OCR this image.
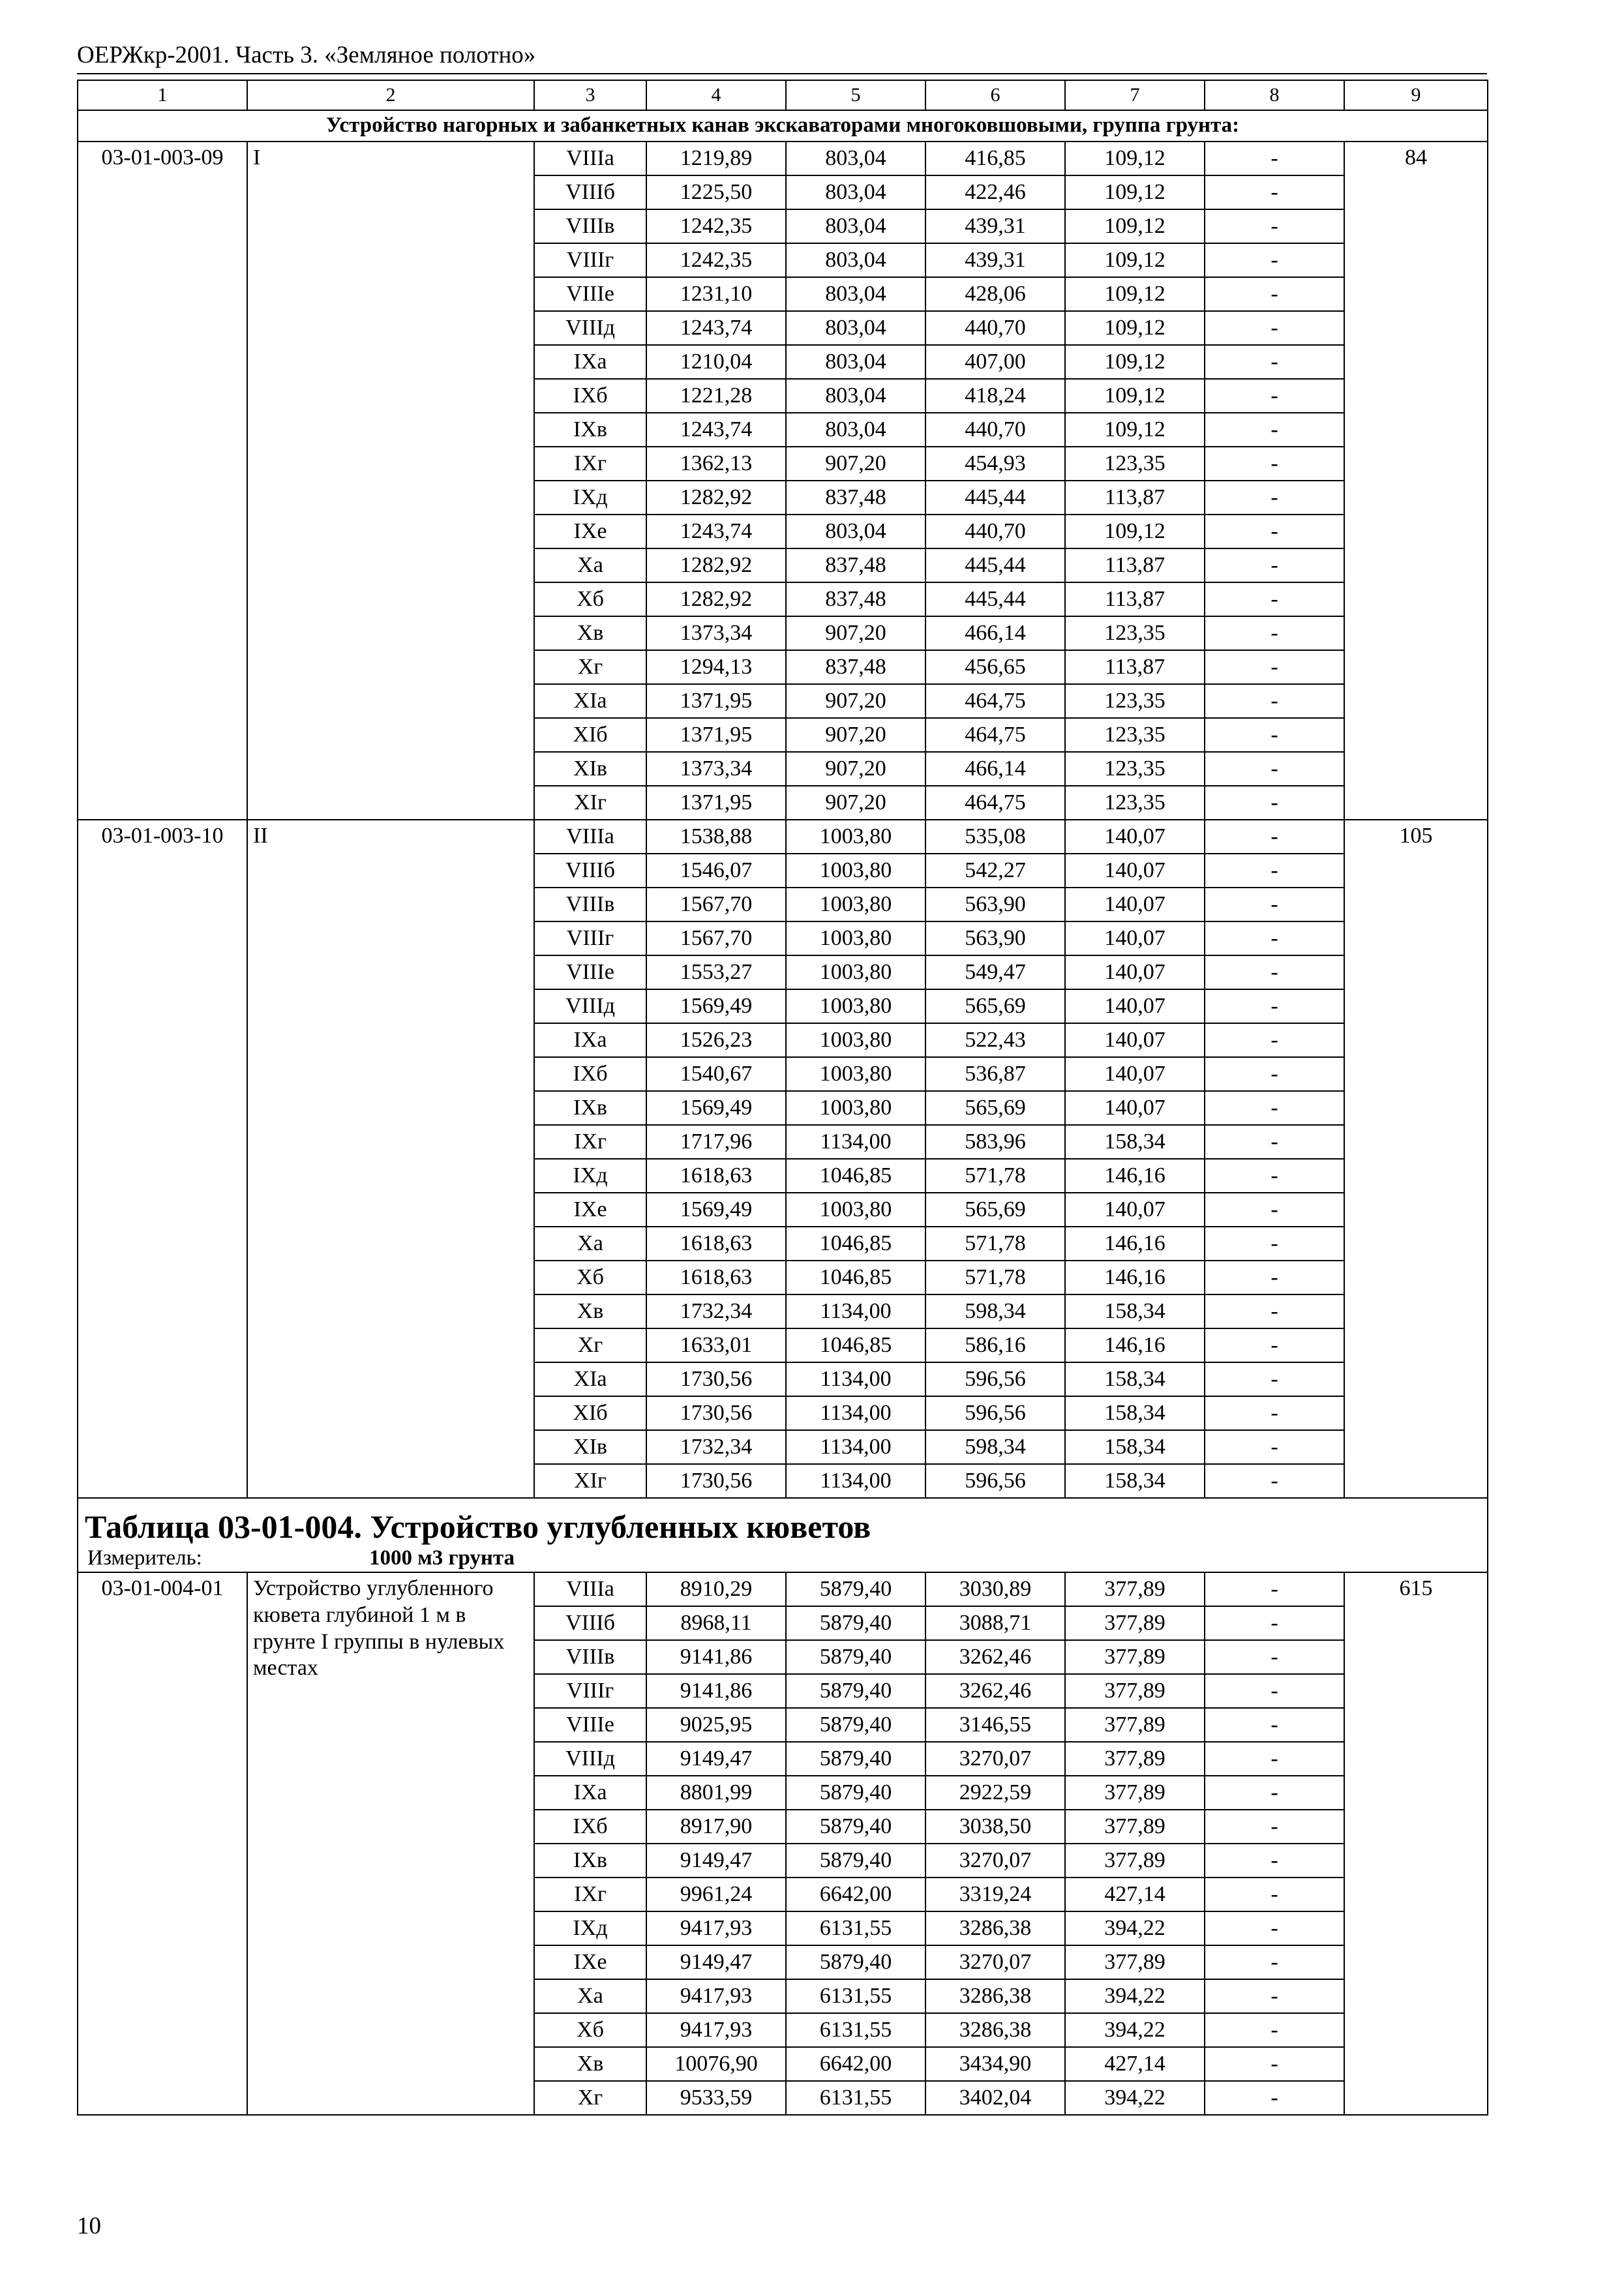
ОЕРЖкр-2001. Часть 3. «Земляное полотно»
1	2	3	4	5	6	7	8	9
Устройство нагорных и забанкетных канав экскаваторами многоковшовыми, группа грунта:								
03-01-003-09	I	VIIIа	1219,89	803,04	416,85	109,12	-	84
		VIIIб	1225,50	803,04	422,46	109,12	-	
		VIIIв	1242,35	803,04	439,31	109,12	-	
		VIIIг	1242,35	803,04	439,31	109,12	-	
		VIIIе	1231,10	803,04	428,06	109,12	-	
		VIIIд	1243,74	803,04	440,70	109,12	-	
		IXа	1210,04	803,04	407,00	109,12	-	
		IXб	1221,28	803,04	418,24	109,12	-	
		IXв	1243,74	803,04	440,70	109,12	-	
		IXг	1362,13	907,20	454,93	123,35	-	
		IXд	1282,92	837,48	445,44	113,87	-	
		IXе	1243,74	803,04	440,70	109,12	-	
		Xа	1282,92	837,48	445,44	113,87	-	
		Xб	1282,92	837,48	445,44	113,87	-	
		Xв	1373,34	907,20	466,14	123,35	-	
		Xг	1294,13	837,48	456,65	113,87	-	
		XIа	1371,95	907,20	464,75	123,35	-	
		XIб	1371,95	907,20	464,75	123,35	-	
		XIв	1373,34	907,20	466,14	123,35	-	
		XIг	1371,95	907,20	464,75	123,35	-	
03-01-003-10	II	VIIIа	1538,88	1003,80	535,08	140,07	-	105
		VIIIб	1546,07	1003,80	542,27	140,07	-	
		VIIIв	1567,70	1003,80	563,90	140,07	-	
		VIIIг	1567,70	1003,80	563,90	140,07	-	
		VIIIе	1553,27	1003,80	549,47	140,07	-	
		VIIIд	1569,49	1003,80	565,69	140,07	-	
		IXа	1526,23	1003,80	522,43	140,07	-	
		IXб	1540,67	1003,80	536,87	140,07	-	
		IXв	1569,49	1003,80	565,69	140,07	-	
		IXг	1717,96	1134,00	583,96	158,34	-	
		IXд	1618,63	1046,85	571,78	146,16	-	
		IXе	1569,49	1003,80	565,69	140,07	-	
		Xа	1618,63	1046,85	571,78	146,16	-	
		Xб	1618,63	1046,85	571,78	146,16	-	
		Xв	1732,34	1134,00	598,34	158,34	-	
		Xг	1633,01	1046,85	586,16	146,16	-	
		XIа	1730,56	1134,00	596,56	158,34	-	
		XIб	1730,56	1134,00	596,56	158,34	-	
		XIв	1732,34	1134,00	598,34	158,34	-	
		XIг	1730,56	1134,00	596,56	158,34	-	
Таблица 03-01-004. Устройство углубленных кюветов								
Измеритель: 1000 м3 грунта								
03-01-004-01	Устройство углубленного кювета глубиной 1 м в грунте I группы в нулевых местах	VIIIа	8910,29	5879,40	3030,89	377,89	-	615
		VIIIб	8968,11	5879,40	3088,71	377,89	-	
		VIIIв	9141,86	5879,40	3262,46	377,89	-	
		VIIIг	9141,86	5879,40	3262,46	377,89	-	
		VIIIе	9025,95	5879,40	3146,55	377,89	-	
		VIIIд	9149,47	5879,40	3270,07	377,89	-	
		IXа	8801,99	5879,40	2922,59	377,89	-	
		IXб	8917,90	5879,40	3038,50	377,89	-	
		IXв	9149,47	5879,40	3270,07	377,89	-	
		IXг	9961,24	6642,00	3319,24	427,14	-	
		IXд	9417,93	6131,55	3286,38	394,22	-	
		IXе	9149,47	5879,40	3270,07	377,89	-	
		Xа	9417,93	6131,55	3286,38	394,22	-	
		Xб	9417,93	6131,55	3286,38	394,22	-	
		Xв	10076,90	6642,00	3434,90	427,14	-	
		Xг	9533,59	6131,55	3402,04	394,22	-	
10
